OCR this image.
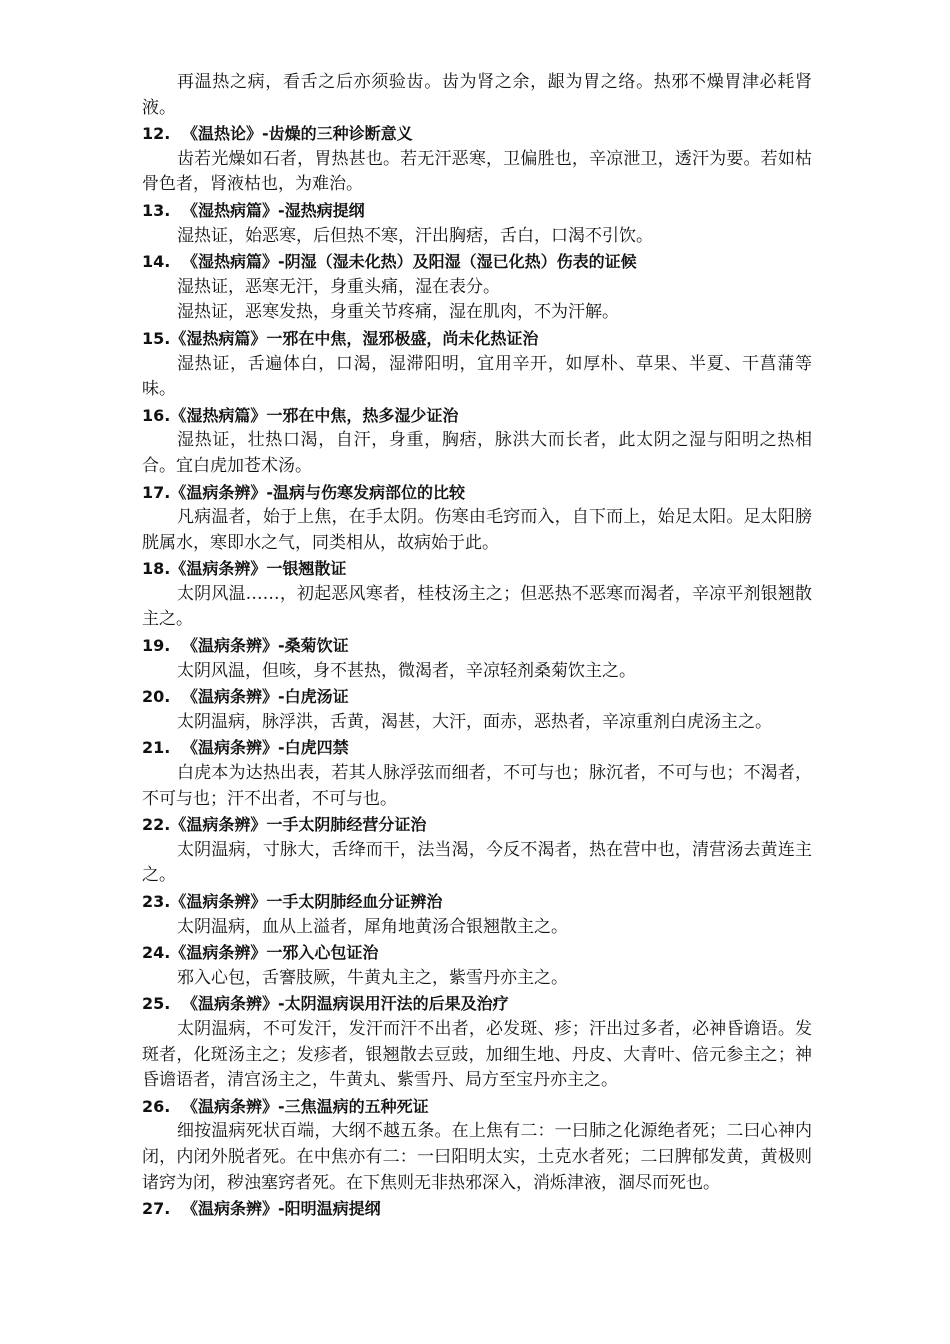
再温热之病，看舌之后亦须验齿。齿为肾之余，龈为胃之络。热邪不燥胃津必耗肾液。

12. 《温热论》-齿燥的三种诊断意义

齿若光燥如石者，胃热甚也。若无汗恶寒，卫偏胜也，辛凉泄卫，透汗为要。若如枯骨色者，肾液枯也，为难治。

13. 《湿热病篇》-湿热病提纲

湿热证，始恶寒，后但热不寒，汗出胸痞，舌白，口渴不引饮。

14. 《湿热病篇》-阴湿（湿未化热）及阳湿（湿已化热）伤表的证候

湿热证，恶寒无汗，身重头痛，湿在表分。

湿热证，恶寒发热，身重关节疼痛，湿在肌肉，不为汗解。

15.《湿热病篇》一邪在中焦，湿邪极盛，尚未化热证治

湿热证，舌遍体白，口渴，湿滞阳明，宜用辛开，如厚朴、草果、半夏、干菖蒲等味。

16.《湿热病篇》一邪在中焦，热多湿少证治

湿热证，壮热口渴，自汗，身重，胸痞，脉洪大而长者，此太阴之湿与阳明之热相合。宜白虎加苍术汤。

17.《温病条辨》-温病与伤寒发病部位的比较

凡病温者，始于上焦，在手太阴。伤寒由毛窍而入，自下而上，始足太阳。足太阳膀胱属水，寒即水之气，同类相从，故病始于此。

18.《温病条辨》一银翘散证

太阴风温……，初起恶风寒者，桂枝汤主之；但恶热不恶寒而渴者，辛凉平剂银翘散主之。

19. 《温病条辨》-桑菊饮证

太阴风温，但咳，身不甚热，微渴者，辛凉轻剂桑菊饮主之。

20. 《温病条辨》-白虎汤证

太阴温病，脉浮洪，舌黄，渴甚，大汗，面赤，恶热者，辛凉重剂白虎汤主之。

21. 《温病条辨》-白虎四禁

白虎本为达热出表，若其人脉浮弦而细者，不可与也；脉沉者，不可与也；不渴者，不可与也；汗不出者，不可与也。

22.《温病条辨》一手太阴肺经营分证治

太阴温病，寸脉大，舌绛而干，法当渴，今反不渴者，热在营中也，清营汤去黄连主之。

23.《温病条辨》一手太阴肺经血分证辨治

太阴温病，血从上溢者，犀角地黄汤合银翘散主之。

24.《温病条辨》一邪入心包证治

邪入心包，舌謇肢厥，牛黄丸主之，紫雪丹亦主之。

25. 《温病条辨》-太阴温病误用汗法的后果及治疗

太阴温病，不可发汗，发汗而汗不出者，必发斑、疹；汗出过多者，必神昏谵语。发斑者，化斑汤主之；发疹者，银翘散去豆豉，加细生地、丹皮、大青叶、倍元参主之；神昏谵语者，清宫汤主之，牛黄丸、紫雪丹、局方至宝丹亦主之。

26. 《温病条辨》-三焦温病的五种死证

细按温病死状百端，大纲不越五条。在上焦有二：一曰肺之化源绝者死；二曰心神内闭，内闭外脱者死。在中焦亦有二：一曰阳明太实，土克水者死；二曰脾郁发黄，黄极则诸窍为闭，秽浊塞窍者死。在下焦则无非热邪深入，消烁津液，涸尽而死也。

27. 《温病条辨》-阳明温病提纲
